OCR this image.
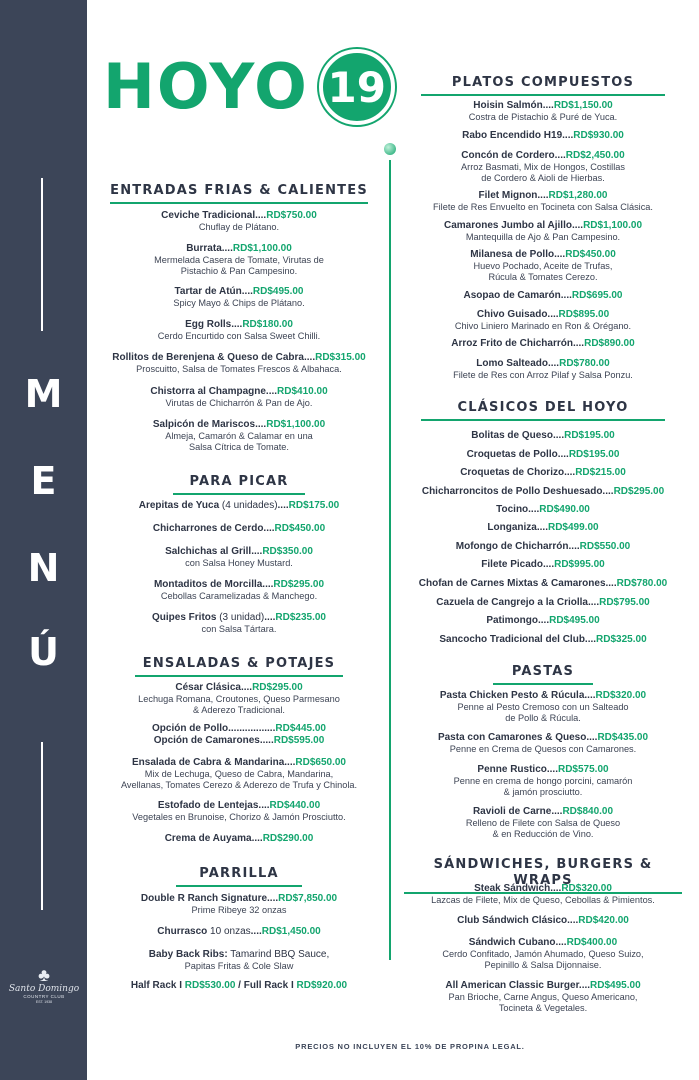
M
E
N
Ú
♣
Santo Domingo
COUNTRY CLUB
EST. 1938
HOYO 19
ENTRADAS FRIAS & CALIENTES
Ceviche Tradicional....RD$750.00
Chuflay de Plátano.
Burrata....RD$1,100.00
Mermelada Casera de Tomate, Virutas de
Pistachio & Pan Campesino.
Tartar de Atún....RD$495.00
Spicy Mayo & Chips de Plátano.
Egg Rolls....RD$180.00
Cerdo Encurtido con Salsa Sweet Chilli.
Rollitos de Berenjena & Queso de Cabra....RD$315.00
Proscuitto, Salsa de Tomates Frescos & Albahaca.
Chistorra al Champagne....RD$410.00
Virutas de Chicharrón & Pan de Ajo.
Salpicón de Mariscos....RD$1,100.00
Almeja, Camarón & Calamar en una
Salsa Cítrica de Tomate.
PARA PICAR
Arepitas de Yuca (4 unidades)....RD$175.00
Chicharrones de Cerdo....RD$450.00
Salchichas al Grill....RD$350.00
con Salsa Honey Mustard.
Montaditos de Morcilla....RD$295.00
Cebollas Caramelizadas & Manchego.
Quipes Fritos (3 unidad)....RD$235.00
con Salsa Tártara.
ENSALADAS & POTAJES
César Clásica....RD$295.00
Lechuga Romana, Croutones, Queso Parmesano
& Aderezo Tradicional.
Opción de Pollo.................RD$445.00
Opción de Camarones.....RD$595.00
Ensalada de Cabra & Mandarina....RD$650.00
Mix de Lechuga, Queso de Cabra, Mandarina,
Avellanas, Tomates Cerezo & Aderezo de Trufa y Chinola.
Estofado de Lentejas....RD$440.00
Vegetales en Brunoise, Chorizo & Jamón Prosciutto.
Crema de Auyama....RD$290.00
PARRILLA
Double R Ranch Signature....RD$7,850.00
Prime Ribeye 32 onzas
Churrasco 10 onzas....RD$1,450.00
Baby Back Ribs: Tamarind BBQ Sauce,
Papitas Fritas & Cole Slaw
Half Rack I RD$530.00 / Full Rack I RD$920.00
PLATOS COMPUESTOS
Hoisin Salmón....RD$1,150.00
Costra de Pistachio & Puré de Yuca.
Rabo Encendido H19....RD$930.00
Concón de Cordero....RD$2,450.00
Arroz Basmati, Mix de Hongos, Costillas
de Cordero & Aioli de Hierbas.
Filet Mignon....RD$1,280.00
Filete de Res Envuelto en Tocineta con Salsa Clásica.
Camarones Jumbo al Ajillo....RD$1,100.00
Mantequilla de Ajo & Pan Campesino.
Milanesa de Pollo....RD$450.00
Huevo Pochado, Aceite de Trufas,
Rúcula & Tomates Cerezo.
Asopao de Camarón....RD$695.00
Chivo Guisado....RD$895.00
Chivo Liniero Marinado en Ron & Orégano.
Arroz Frito de Chicharrón....RD$890.00
Lomo Salteado....RD$780.00
Filete de Res con Arroz Pilaf y Salsa Ponzu.
CLÁSICOS DEL HOYO
Bolitas de Queso....RD$195.00
Croquetas de Pollo....RD$195.00
Croquetas de Chorizo....RD$215.00
Chicharroncitos de Pollo Deshuesado....RD$295.00
Tocino....RD$490.00
Longaniza....RD$499.00
Mofongo de Chicharrón....RD$550.00
Filete Picado....RD$995.00
Chofan de Carnes Mixtas & Camarones....RD$780.00
Cazuela de Cangrejo a la Criolla....RD$795.00
Patimongo....RD$495.00
Sancocho Tradicional del Club....RD$325.00
PASTAS
Pasta Chicken Pesto & Rúcula....RD$320.00
Penne al Pesto Cremoso con un Salteado
de Pollo & Rúcula.
Pasta con Camarones & Queso....RD$435.00
Penne en Crema de Quesos con Camarones.
Penne Rustico....RD$575.00
Penne en crema de hongo porcini, camarón
& jamón prosciutto.
Ravioli de Carne....RD$840.00
Relleno de Filete con Salsa de Queso
& en Reducción de Vino.
SÁNDWICHES, BURGERS & WRAPS
Steak Sándwich....RD$320.00
Lazcas de Filete, Mix de Queso, Cebollas & Pimientos.
Club Sándwich Clásico....RD$420.00
Sándwich Cubano....RD$400.00
Cerdo Confitado, Jamón Ahumado, Queso Suizo,
Pepinillo & Salsa Dijonnaise.
All American Classic Burger....RD$495.00
Pan Brioche, Carne Angus, Queso Americano,
Tocineta & Vegetales.
PRECIOS NO INCLUYEN EL 10% DE PROPINA LEGAL.
